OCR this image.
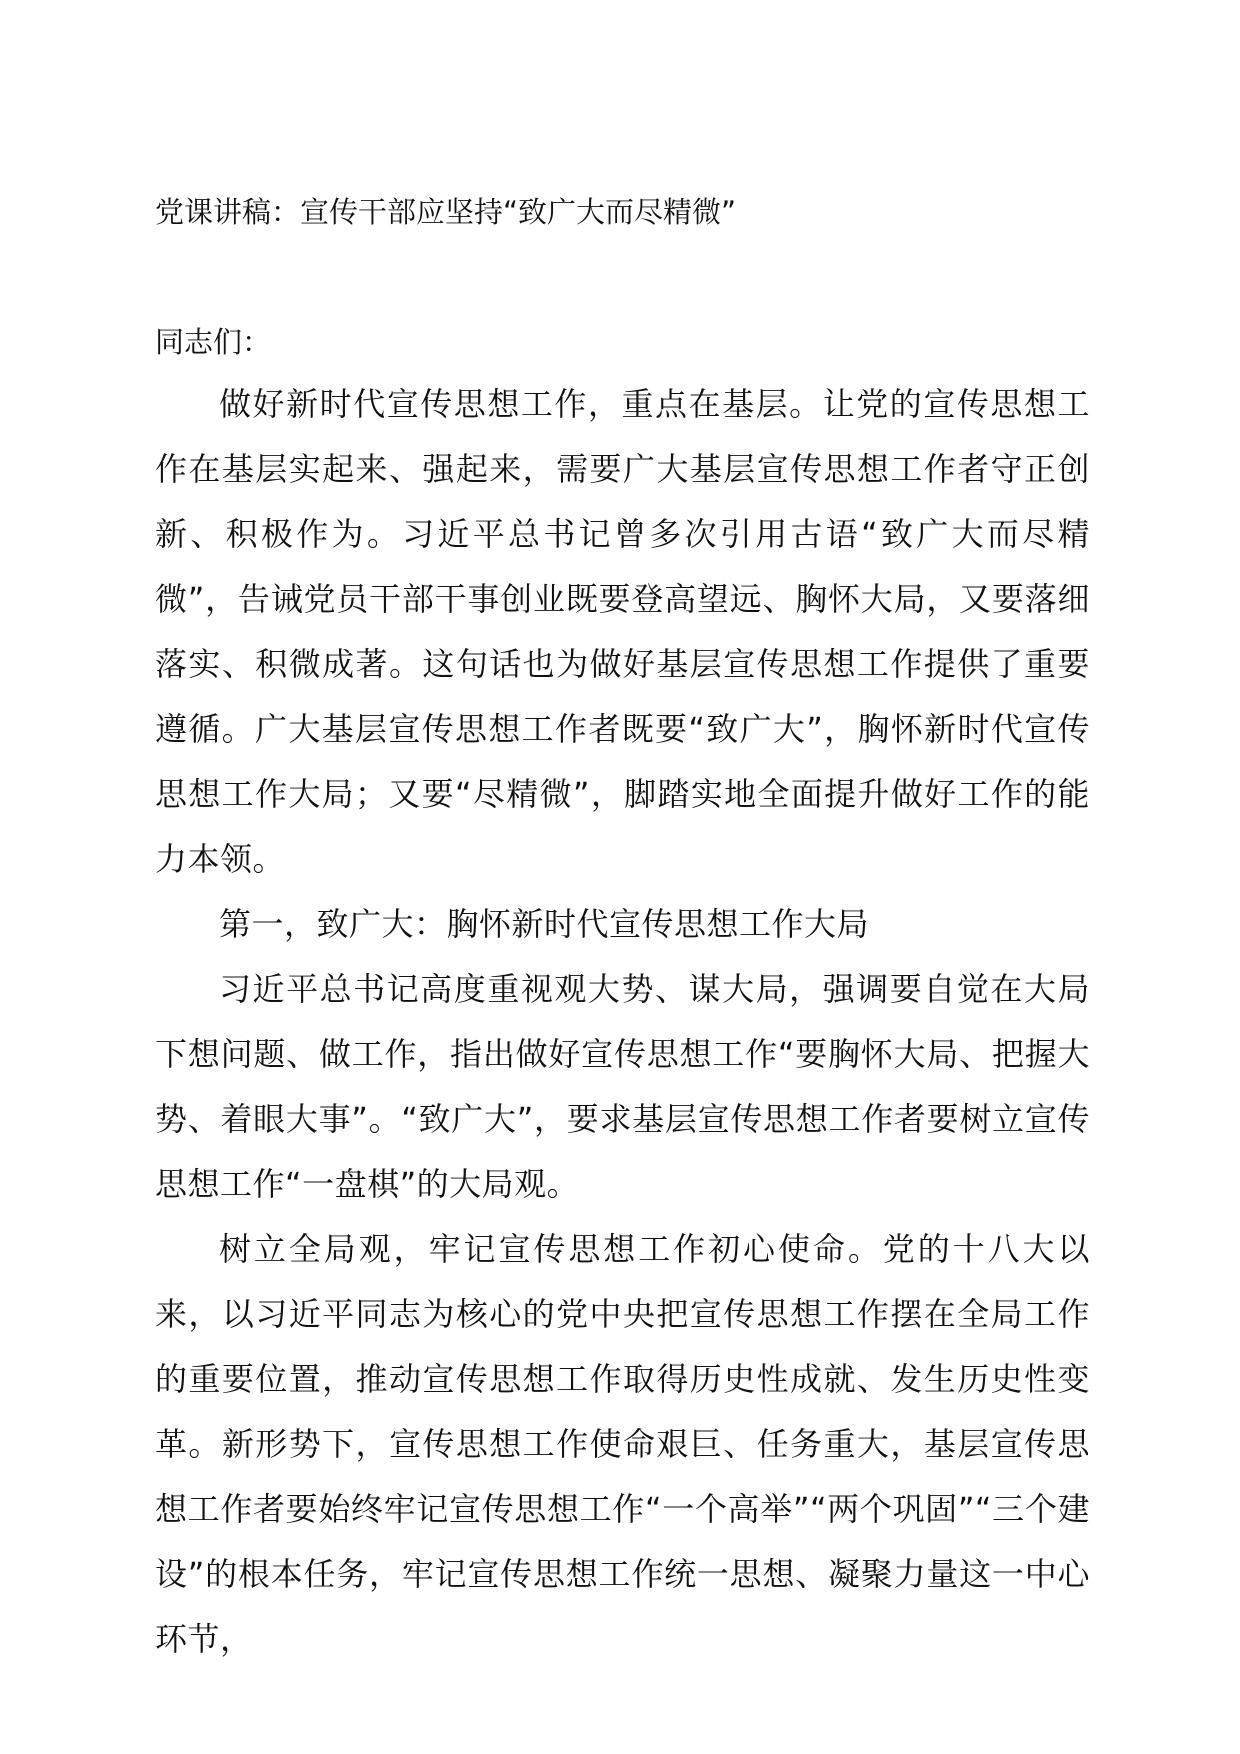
党课讲稿：宣传干部应坚持“致广大而尽精微”

同志们：

做好新时代宣传思想工作，重点在基层。让党的宣传思想工作在基层实起来、强起来，需要广大基层宣传思想工作者守正创新、积极作为。习近平总书记曾多次引用古语“致广大而尽精微”，告诫党员干部干事创业既要登高望远、胸怀大局，又要落细落实、积微成著。这句话也为做好基层宣传思想工作提供了重要遵循。广大基层宣传思想工作者既要“致广大”，胸怀新时代宣传思想工作大局；又要“尽精微”，脚踏实地全面提升做好工作的能力本领。

第一，致广大：胸怀新时代宣传思想工作大局

习近平总书记高度重视观大势、谋大局，强调要自觉在大局下想问题、做工作，指出做好宣传思想工作“要胸怀大局、把握大势、着眼大事”。“致广大”，要求基层宣传思想工作者要树立宣传思想工作“一盘棋”的大局观。

树立全局观，牢记宣传思想工作初心使命。党的十八大以来，以习近平同志为核心的党中央把宣传思想工作摆在全局工作的重要位置，推动宣传思想工作取得历史性成就、发生历史性变革。新形势下，宣传思想工作使命艰巨、任务重大，基层宣传思想工作者要始终牢记宣传思想工作“一个高举”“两个巩固”“三个建设”的根本任务，牢记宣传思想工作统一思想、凝聚力量这一中心环节，
